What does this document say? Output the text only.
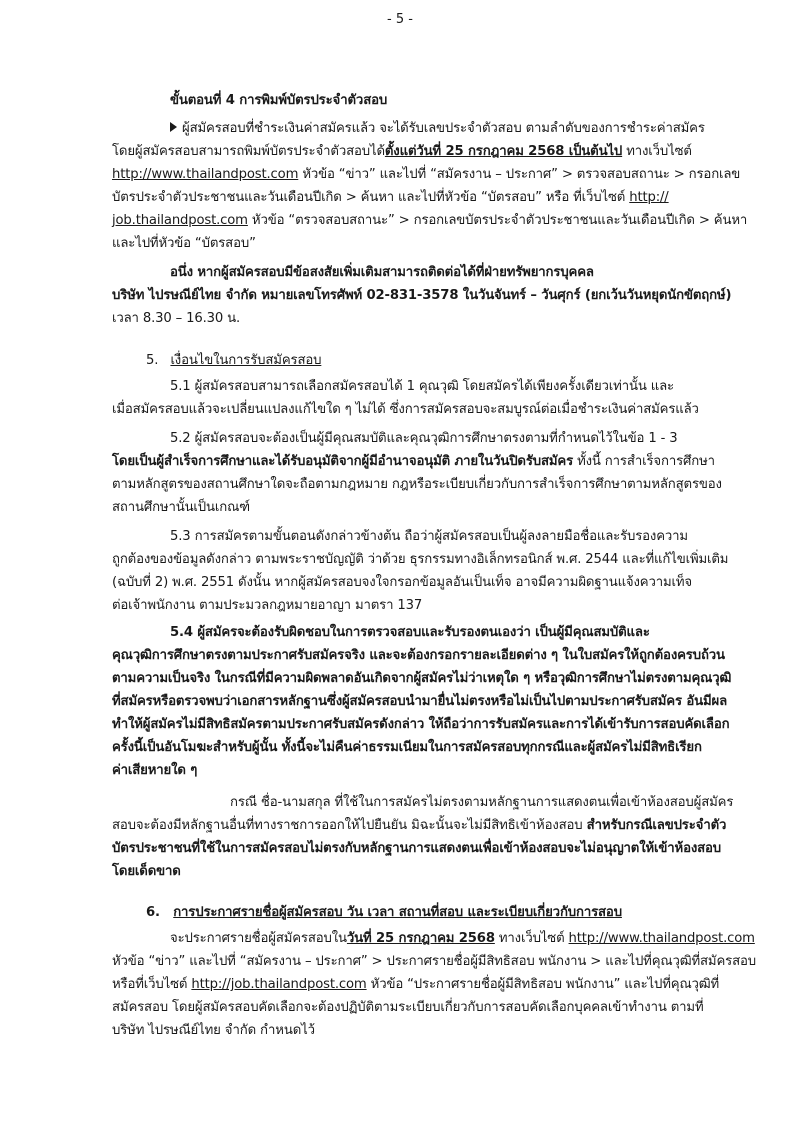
- 5 -
ขั้นตอนที่ 4 การพิมพ์บัตรประจำตัวสอบ
ผู้สมัครสอบที่ชำระเงินค่าสมัครแล้ว จะได้รับเลขประจำตัวสอบ ตามลำดับของการชำระค่าสมัคร
โดยผู้สมัครสอบสามารถพิมพ์บัตรประจำตัวสอบได้ตั้งแต่วันที่ 25 กรกฎาคม 2568 เป็นต้นไป ทางเว็บไซต์
http://www.thailandpost.com หัวข้อ “ข่าว” และไปที่ “สมัครงาน – ประกาศ” > ตรวจสอบสถานะ > กรอกเลข
บัตรประจำตัวประชาชนและวันเดือนปีเกิด > ค้นหา และไปที่หัวข้อ “บัตรสอบ” หรือ ที่เว็บไซต์ http://
job.thailandpost.com หัวข้อ “ตรวจสอบสถานะ” > กรอกเลขบัตรประจำตัวประชาชนและวันเดือนปีเกิด > ค้นหา
และไปที่หัวข้อ “บัตรสอบ”
อนึ่ง หากผู้สมัครสอบมีข้อสงสัยเพิ่มเติมสามารถติดต่อได้ที่ฝ่ายทรัพยากรบุคคล
บริษัท ไปรษณีย์ไทย จำกัด หมายเลขโทรศัพท์ 02-831-3578 ในวันจันทร์ – วันศุกร์ (ยกเว้นวันหยุดนักขัตฤกษ์)
เวลา 8.30 – 16.30 น.
5. เงื่อนไขในการรับสมัครสอบ
5.1 ผู้สมัครสอบสามารถเลือกสมัครสอบได้ 1 คุณวุฒิ โดยสมัครได้เพียงครั้งเดียวเท่านั้น และ
เมื่อสมัครสอบแล้วจะเปลี่ยนแปลงแก้ไขใด ๆ ไม่ได้ ซึ่งการสมัครสอบจะสมบูรณ์ต่อเมื่อชำระเงินค่าสมัครแล้ว
5.2 ผู้สมัครสอบจะต้องเป็นผู้มีคุณสมบัติและคุณวุฒิการศึกษาตรงตามที่กำหนดไว้ในข้อ 1 - 3
โดยเป็นผู้สำเร็จการศึกษาและได้รับอนุมัติจากผู้มีอำนาจอนุมัติ ภายในวันปิดรับสมัคร ทั้งนี้ การสำเร็จการศึกษา
ตามหลักสูตรของสถานศึกษาใดจะถือตามกฎหมาย กฎหรือระเบียบเกี่ยวกับการสำเร็จการศึกษาตามหลักสูตรของ
สถานศึกษานั้นเป็นเกณฑ์
5.3 การสมัครตามขั้นตอนดังกล่าวข้างต้น ถือว่าผู้สมัครสอบเป็นผู้ลงลายมือชื่อและรับรองความ
ถูกต้องของข้อมูลดังกล่าว ตามพระราชบัญญัติ ว่าด้วย ธุรกรรมทางอิเล็กทรอนิกส์ พ.ศ. 2544 และที่แก้ไขเพิ่มเติม
(ฉบับที่ 2) พ.ศ. 2551 ดังนั้น หากผู้สมัครสอบจงใจกรอกข้อมูลอันเป็นเท็จ อาจมีความผิดฐานแจ้งความเท็จ
ต่อเจ้าพนักงาน ตามประมวลกฎหมายอาญา มาตรา 137
5.4 ผู้สมัครจะต้องรับผิดชอบในการตรวจสอบและรับรองตนเองว่า เป็นผู้มีคุณสมบัติและ
คุณวุฒิการศึกษาตรงตามประกาศรับสมัครจริง และจะต้องกรอกรายละเอียดต่าง ๆ ในใบสมัครให้ถูกต้องครบถ้วน
ตามความเป็นจริง ในกรณีที่มีความผิดพลาดอันเกิดจากผู้สมัครไม่ว่าเหตุใด ๆ หรือวุฒิการศึกษาไม่ตรงตามคุณวุฒิ
ที่สมัครหรือตรวจพบว่าเอกสารหลักฐานซึ่งผู้สมัครสอบนำมายื่นไม่ตรงหรือไม่เป็นไปตามประกาศรับสมัคร อันมีผล
ทำให้ผู้สมัครไม่มีสิทธิสมัครตามประกาศรับสมัครดังกล่าว ให้ถือว่าการรับสมัครและการได้เข้ารับการสอบคัดเลือก
ครั้งนี้เป็นอันโมฆะสำหรับผู้นั้น ทั้งนี้จะไม่คืนค่าธรรมเนียมในการสมัครสอบทุกกรณีและผู้สมัครไม่มีสิทธิเรียก
ค่าเสียหายใด ๆ
กรณี ชื่อ-นามสกุล ที่ใช้ในการสมัครไม่ตรงตามหลักฐานการแสดงตนเพื่อเข้าห้องสอบผู้สมัคร
สอบจะต้องมีหลักฐานอื่นที่ทางราชการออกให้ไปยืนยัน มิฉะนั้นจะไม่มีสิทธิเข้าห้องสอบ สำหรับกรณีเลขประจำตัว
บัตรประชาชนที่ใช้ในการสมัครสอบไม่ตรงกับหลักฐานการแสดงตนเพื่อเข้าห้องสอบจะไม่อนุญาตให้เข้าห้องสอบ
โดยเด็ดขาด
6. การประกาศรายชื่อผู้สมัครสอบ วัน เวลา สถานที่สอบ และระเบียบเกี่ยวกับการสอบ
จะประกาศรายชื่อผู้สมัครสอบในวันที่ 25 กรกฎาคม 2568 ทางเว็บไซต์ http://www.thailandpost.com
หัวข้อ “ข่าว” และไปที่ “สมัครงาน – ประกาศ” > ประกาศรายชื่อผู้มีสิทธิสอบ พนักงาน > และไปที่คุณวุฒิที่สมัครสอบ
หรือที่เว็บไซต์ http://job.thailandpost.com หัวข้อ “ประกาศรายชื่อผู้มีสิทธิสอบ พนักงาน” และไปที่คุณวุฒิที่
สมัครสอบ โดยผู้สมัครสอบคัดเลือกจะต้องปฏิบัติตามระเบียบเกี่ยวกับการสอบคัดเลือกบุคคลเข้าทำงาน ตามที่
บริษัท ไปรษณีย์ไทย จำกัด กำหนดไว้
